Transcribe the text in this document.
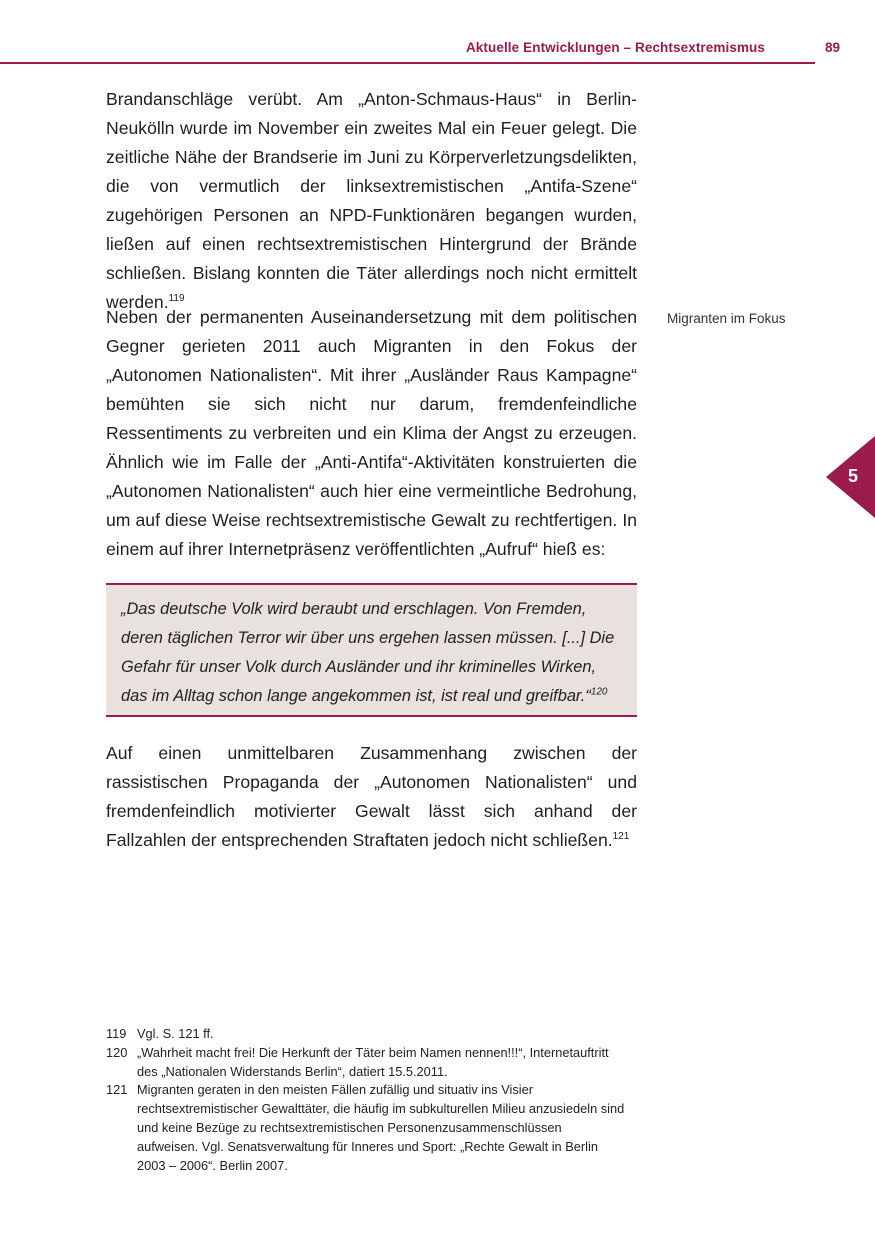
Aktuelle Entwicklungen – Rechtsextremismus	89
5
Migranten im Fokus

Brandanschläge verübt. Am „Anton-Schmaus-Haus“ in Berlin-Neukölln wurde im November ein zweites Mal ein Feuer gelegt. Die zeitliche Nähe der Brandserie im Juni zu Körperverletzungsdelikten, die von vermutlich der linksextremistischen „Antifa-Szene“ zugehörigen Personen an NPD-Funktionären begangen wurden, ließen auf einen rechtsextremistischen Hintergrund der Brände schließen. Bislang konnten die Täter allerdings noch nicht ermittelt werden.$^{119}$

Neben der permanenten Auseinandersetzung mit dem politischen Gegner gerieten 2011 auch Migranten in den Fokus der „Autonomen Nationalisten“. Mit ihrer „Ausländer Raus Kampagne“ bemühten sie sich nicht nur darum, fremdenfeindliche Ressentiments zu verbreiten und ein Klima der Angst zu erzeugen. Ähnlich wie im Falle der „Anti-Antifa“-Aktivitäten konstruierten die „Autonomen Nationalisten“ auch hier eine vermeintliche Bedrohung, um auf diese Weise rechtsextremistische Gewalt zu rechtfertigen. In einem auf ihrer Internetpräsenz veröffentlichten „Aufruf“ hieß es:

„Das deutsche Volk wird beraubt und erschlagen. Von Fremden, deren täglichen Terror wir über uns ergehen lassen müssen. [...] Die Gefahr für unser Volk durch Ausländer und ihr kriminelles Wirken, das im Alltag schon lange angekommen ist, ist real und greifbar.“$^{120}$

Auf einen unmittelbaren Zusammenhang zwischen der rassistischen Propaganda der „Autonomen Nationalisten“ und fremdenfeindlich motivierter Gewalt lässt sich anhand der Fallzahlen der entsprechenden Straftaten jedoch nicht schließen.$^{121}$

119 Vgl. S. 121 ff.
120 „Wahrheit macht frei! Die Herkunft der Täter beim Namen nennen!!!“, Internetauftritt des „Nationalen Widerstands Berlin“, datiert 15.5.2011.
121 Migranten geraten in den meisten Fällen zufällig und situativ ins Visier rechtsextremistischer Gewalttäter, die häufig im subkulturellen Milieu anzusiedeln sind und keine Bezüge zu rechtsextremistischen Personenzusammenschlüssen aufweisen. Vgl. Senatsverwaltung für Inneres und Sport: „Rechte Gewalt in Berlin 2003 – 2006“. Berlin 2007.
